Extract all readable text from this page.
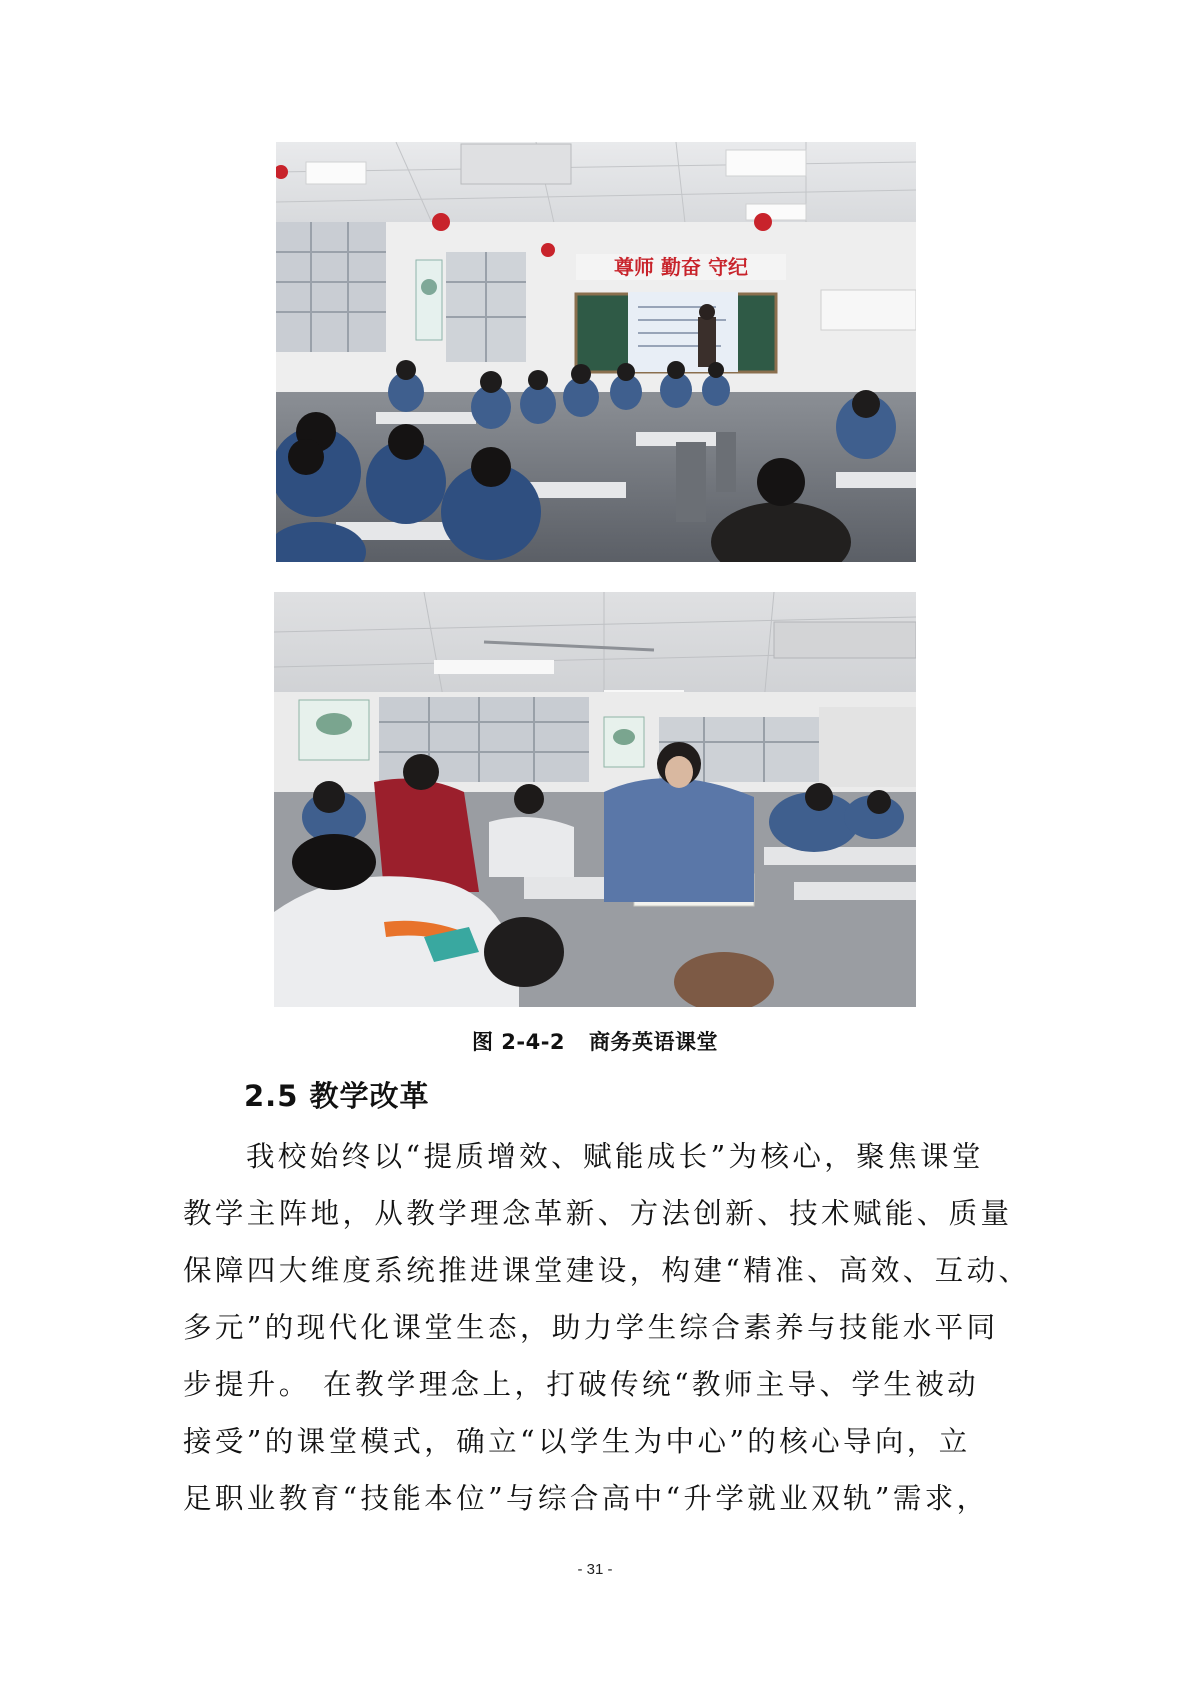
尊师 勤奋 守纪
图 2-4-2 商务英语课堂
2.5 教学改革
我校始终以“提质增效、赋能成长”为核心，聚焦课堂
教学主阵地，从教学理念革新、方法创新、技术赋能、质量
保障四大维度系统推进课堂建设，构建“精准、高效、互动、
多元”的现代化课堂生态，助力学生综合素养与技能水平同
步提升。 在教学理念上，打破传统“教师主导、学生被动
接受”的课堂模式，确立“以学生为中心”的核心导向，立
足职业教育“技能本位”与综合高中“升学就业双轨”需求，
- 31 -
